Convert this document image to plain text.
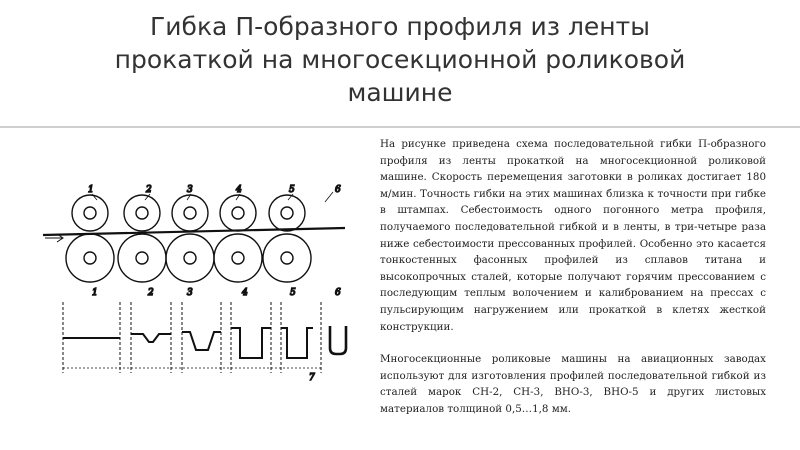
Гибка П-образного профиля из ленты
прокаткой на многосекционной роликовой
машине
1	2	3	4	5	6
1	2	3	4	5	6
7

На рисунке приведена схема последовательной гибки П-образного профиля из ленты прокаткой на многосекционной роликовой машине. Скорость перемещения заготовки в роликах достигает 180 м/мин. Точность гибки на этих машинах близка к точности при гибке в штампах. Себестоимость одного погонного метра профиля, получаемого последовательной гибкой и в ленты, в три-четыре раза ниже себестоимости прессованных профилей. Особенно это касается тонкостенных фасонных профилей из сплавов титана и высокопрочных сталей, которые получают горячим прессованием с последующим теплым волочением и калиброванием на прессах с пульсирующим нагружением или прокаткой в клетях жесткой конструкции.

Многосекционные роликовые машины на авиационных заводах используют для изготовления профилей последовательной гибкой из сталей марок СН-2, СН-3, ВНО-3, ВНО-5 и других листовых материалов толщиной 0,5…1,8 мм.
